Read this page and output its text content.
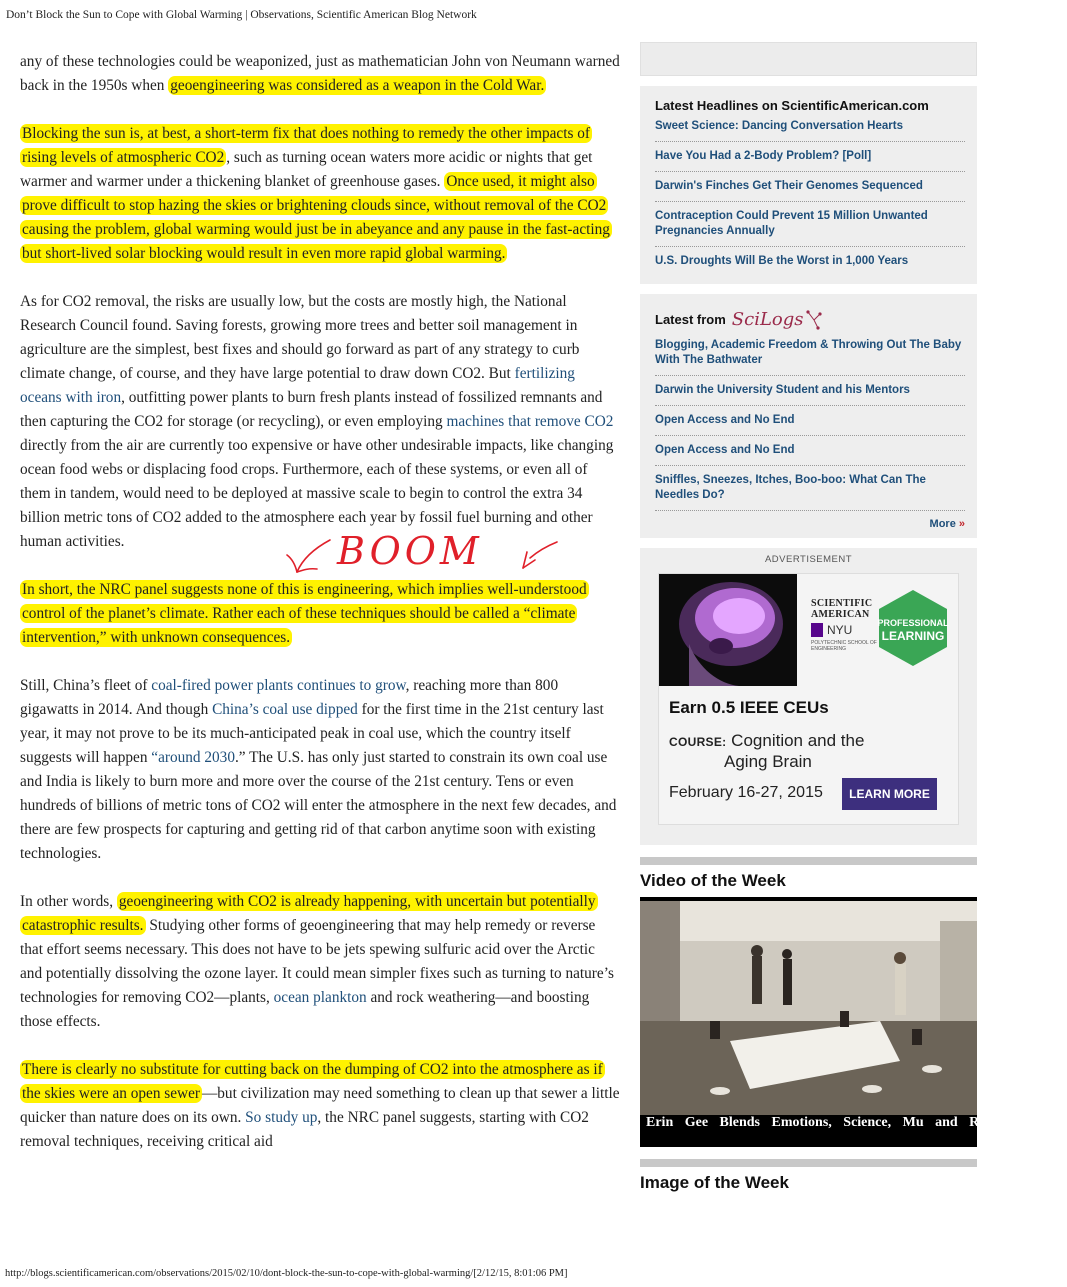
Don’t Block the Sun to Cope with Global Warming | Observations, Scientific American Blog Network

any of these technologies could be weaponized, just as mathematician John von Neumann warned back in the 1950s when geoengineering was considered as a weapon in the Cold War.

Blocking the sun is, at best, a short-term fix that does nothing to remedy the other impacts of rising levels of atmospheric CO2 , such as turning ocean waters more acidic or nights that get warmer and warmer under a thickening blanket of greenhouse gases. Once used, it might also prove difficult to stop hazing the skies or brightening clouds since, without removal of the CO2 causing the problem, global warming would just be in abeyance and any pause in the fast-acting but short-lived solar blocking would result in even more rapid global warming.

As for CO2 removal, the risks are usually low, but the costs are mostly high, the National Research Council found. Saving forests, growing more trees and better soil management in agriculture are the simplest, best fixes and should go forward as part of any strategy to curb climate change, of course, and they have large potential to draw down CO2. But fertilizing oceans with iron, outfitting power plants to burn fresh plants instead of fossilized remnants and then capturing the CO2 for storage (or recycling), or even employing machines that remove CO2 directly from the air are currently too expensive or have other undesirable impacts, like changing ocean food webs or displacing food crops. Furthermore, each of these systems, or even all of them in tandem, would need to be deployed at massive scale to begin to control the extra 34 billion metric tons of CO2 added to the atmosphere each year by fossil fuel burning and other human activities.	BOOM

In short, the NRC panel suggests none of this is engineering, which implies well-understood control of the planet’s climate. Rather each of these techniques should be called a “climate intervention,” with unknown consequences.

Still, China’s fleet of coal-fired power plants continues to grow, reaching more than 800 gigawatts in 2014. And though China’s coal use dipped for the first time in the 21st century last year, it may not prove to be its much-anticipated peak in coal use, which the country itself suggests will happen “around 2030.” The U.S. has only just started to constrain its own coal use and India is likely to burn more and more over the course of the 21st century. Tens or even hundreds of billions of metric tons of CO2 will enter the atmosphere in the next few decades, and there are few prospects for capturing and getting rid of that carbon anytime soon with existing technologies.

In other words, geoengineering with CO2 is already happening, with uncertain but potentially catastrophic results. Studying other forms of geoengineering that may help remedy or reverse that effort seems necessary. This does not have to be jets spewing sulfuric acid over the Arctic and potentially dissolving the ozone layer. It could mean simpler fixes such as turning to nature’s technologies for removing CO2—plants, ocean plankton and rock weathering—and boosting those effects.

There is clearly no substitute for cutting back on the dumping of CO2 into the atmosphere as if the skies were an open sewer —but civilization may need something to clean up that sewer a little quicker than nature does on its own. So study up, the NRC panel suggests, starting with CO2 removal techniques, receiving critical aid

Latest Headlines on ScientificAmerican.com
Sweet Science: Dancing Conversation Hearts
Have You Had a 2-Body Problem? [Poll]
Darwin's Finches Get Their Genomes Sequenced
Contraception Could Prevent 15 Million Unwanted Pregnancies Annually
U.S. Droughts Will Be the Worst in 1,000 Years
Latest from SciLogs
Blogging, Academic Freedom & Throwing Out The Baby With The Bathwater
Darwin the University Student and his Mentors
Open Access and No End
Open Access and No End
Sniffles, Sneezes, Itches, Boo-boo: What Can The Needles Do?
More »
ADVERTISEMENT
SCIENTIFIC
AMERICAN
NYU
POLYTECHNIC SCHOOL OF ENGINEERING
PROFESSIONAL
LEARNING
Earn 0.5 IEEE CEUs
COURSE: Cognition and the
Aging Brain
February 16-27, 2015	LEARN MORE
Video of the Week
Erin Gee Blends Emotions, Science, Mu and Robotic Pianos
Image of the Week
http://blogs.scientificamerican.com/observations/2015/02/10/dont-block-the-sun-to-cope-with-global-warming/[2/12/15, 8:01:06 PM]
